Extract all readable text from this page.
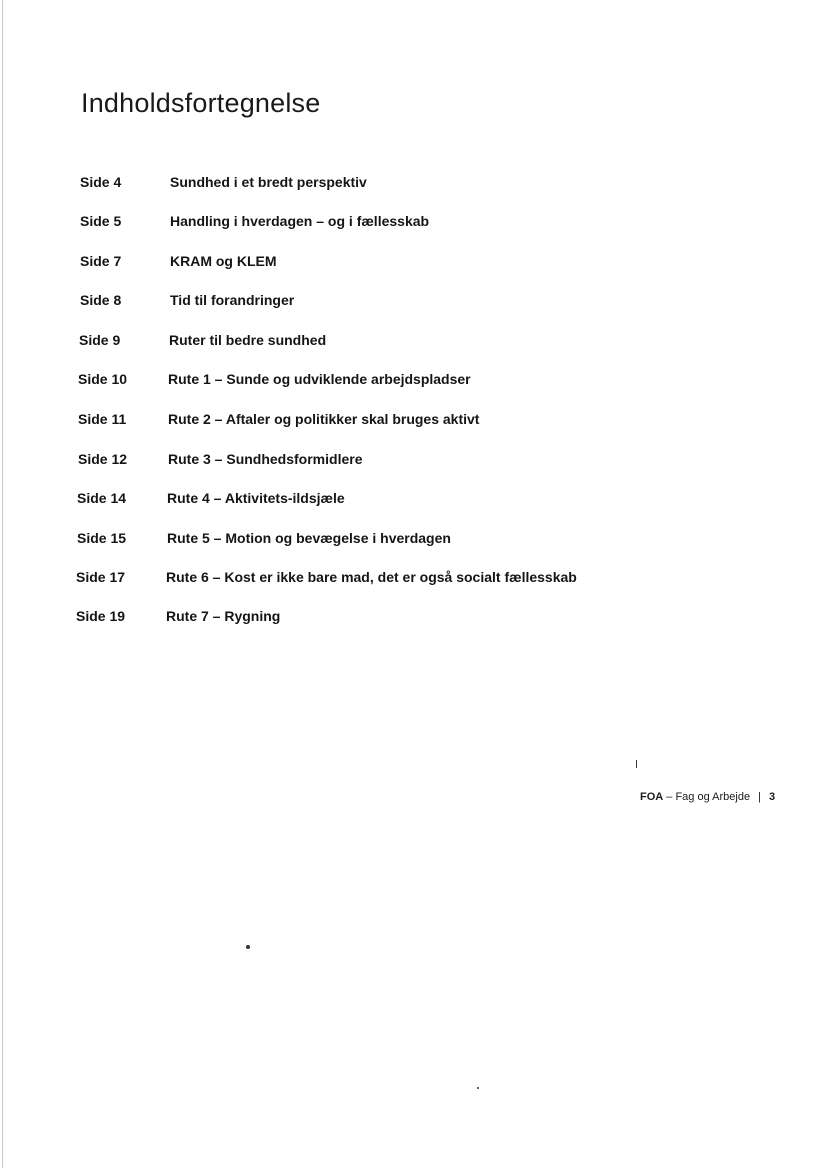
Indholdsfortegnelse
Side 4	Sundhed i et bredt perspektiv
Side 5	Handling i hverdagen – og i fællesskab
Side 7	KRAM og KLEM
Side 8	Tid til forandringer
Side 9	Ruter til bedre sundhed
Side 10	Rute 1 – Sunde og udviklende arbejdspladser
Side 11	Rute 2 – Aftaler og politikker skal bruges aktivt
Side 12	Rute 3 – Sundhedsformidlere
Side 14	Rute 4 – Aktivitets-ildsjæle
Side 15	Rute 5 – Motion og bevægelse i hverdagen
Side 17	Rute 6 – Kost er ikke bare mad, det er også socialt fællesskab
Side 19	Rute 7 – Rygning
FOA – Fag og Arbejde | 3
